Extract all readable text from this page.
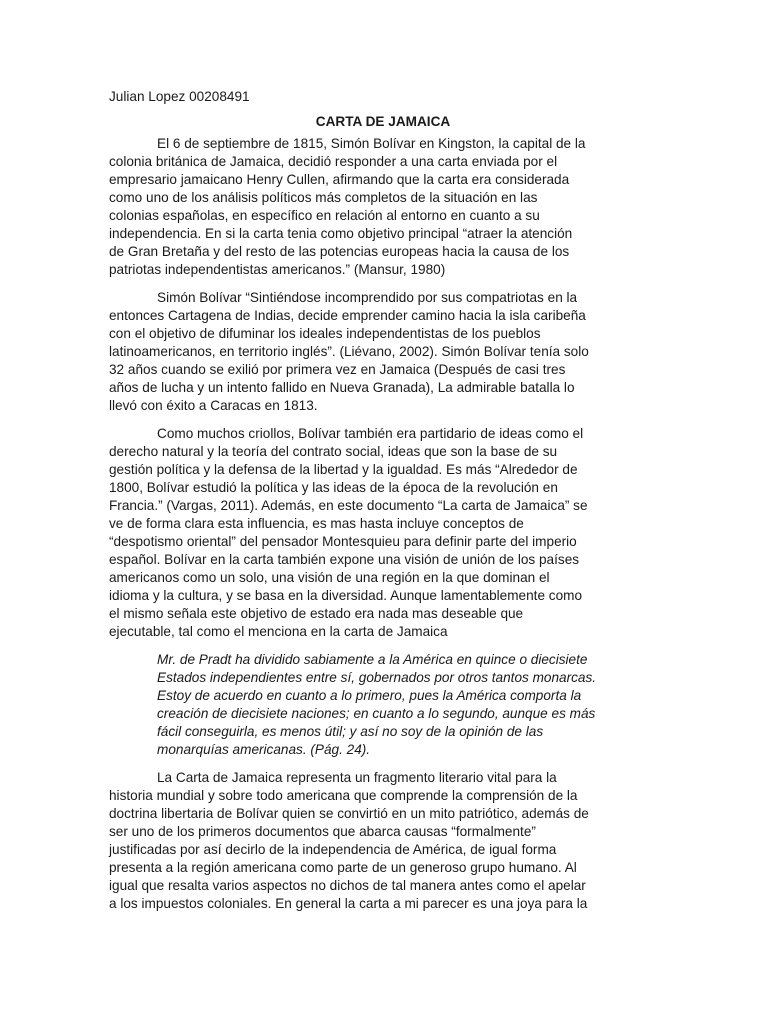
Julian Lopez 00208491
CARTA DE JAMAICA
El 6 de septiembre de 1815, Simón Bolívar en Kingston, la capital de la
colonia británica de Jamaica, decidió responder a una carta enviada por el
empresario jamaicano Henry Cullen, afirmando que la carta era considerada
como uno de los análisis políticos más completos de la situación en las
colonias españolas, en específico en relación al entorno en cuanto a su
independencia. En si la carta tenia como objetivo principal “atraer la atención
de Gran Bretaña y del resto de las potencias europeas hacia la causa de los
patriotas independentistas americanos.” (Mansur, 1980)
Simón Bolívar “Sintiéndose incomprendido por sus compatriotas en la
entonces Cartagena de Indias, decide emprender camino hacia la isla caribeña
con el objetivo de difuminar los ideales independentistas de los pueblos
latinoamericanos, en territorio inglés”. (Liévano, 2002). Simón Bolívar tenía solo
32 años cuando se exilió por primera vez en Jamaica (Después de casi tres
años de lucha y un intento fallido en Nueva Granada), La admirable batalla lo
llevó con éxito a Caracas en 1813.
Como muchos criollos, Bolívar también era partidario de ideas como el
derecho natural y la teoría del contrato social, ideas que son la base de su
gestión política y la defensa de la libertad y la igualdad. Es más “Alrededor de
1800, Bolívar estudió la política y las ideas de la época de la revolución en
Francia.” (Vargas, 2011). Además, en este documento “La carta de Jamaica” se
ve de forma clara esta influencia, es mas hasta incluye conceptos de
“despotismo oriental” del pensador Montesquieu para definir parte del imperio
español. Bolívar en la carta también expone una visión de unión de los países
americanos como un solo, una visión de una región en la que dominan el
idioma y la cultura, y se basa en la diversidad. Aunque lamentablemente como
el mismo señala este objetivo de estado era nada mas deseable que
ejecutable, tal como el menciona en la carta de Jamaica
Mr. de Pradt ha dividido sabiamente a la América en quince o diecisiete
Estados independientes entre sí, gobernados por otros tantos monarcas.
Estoy de acuerdo en cuanto a lo primero, pues la América comporta la
creación de diecisiete naciones; en cuanto a lo segundo, aunque es más
fácil conseguirla, es menos útil; y así no soy de la opinión de las
monarquías americanas. (Pág. 24).
La Carta de Jamaica representa un fragmento literario vital para la
historia mundial y sobre todo americana que comprende la comprensión de la
doctrina libertaria de Bolívar quien se convirtió en un mito patriótico, además de
ser uno de los primeros documentos que abarca causas “formalmente”
justificadas por así decirlo de la independencia de América, de igual forma
presenta a la región americana como parte de un generoso grupo humano. Al
igual que resalta varios aspectos no dichos de tal manera antes como el apelar
a los impuestos coloniales. En general la carta a mi parecer es una joya para la
